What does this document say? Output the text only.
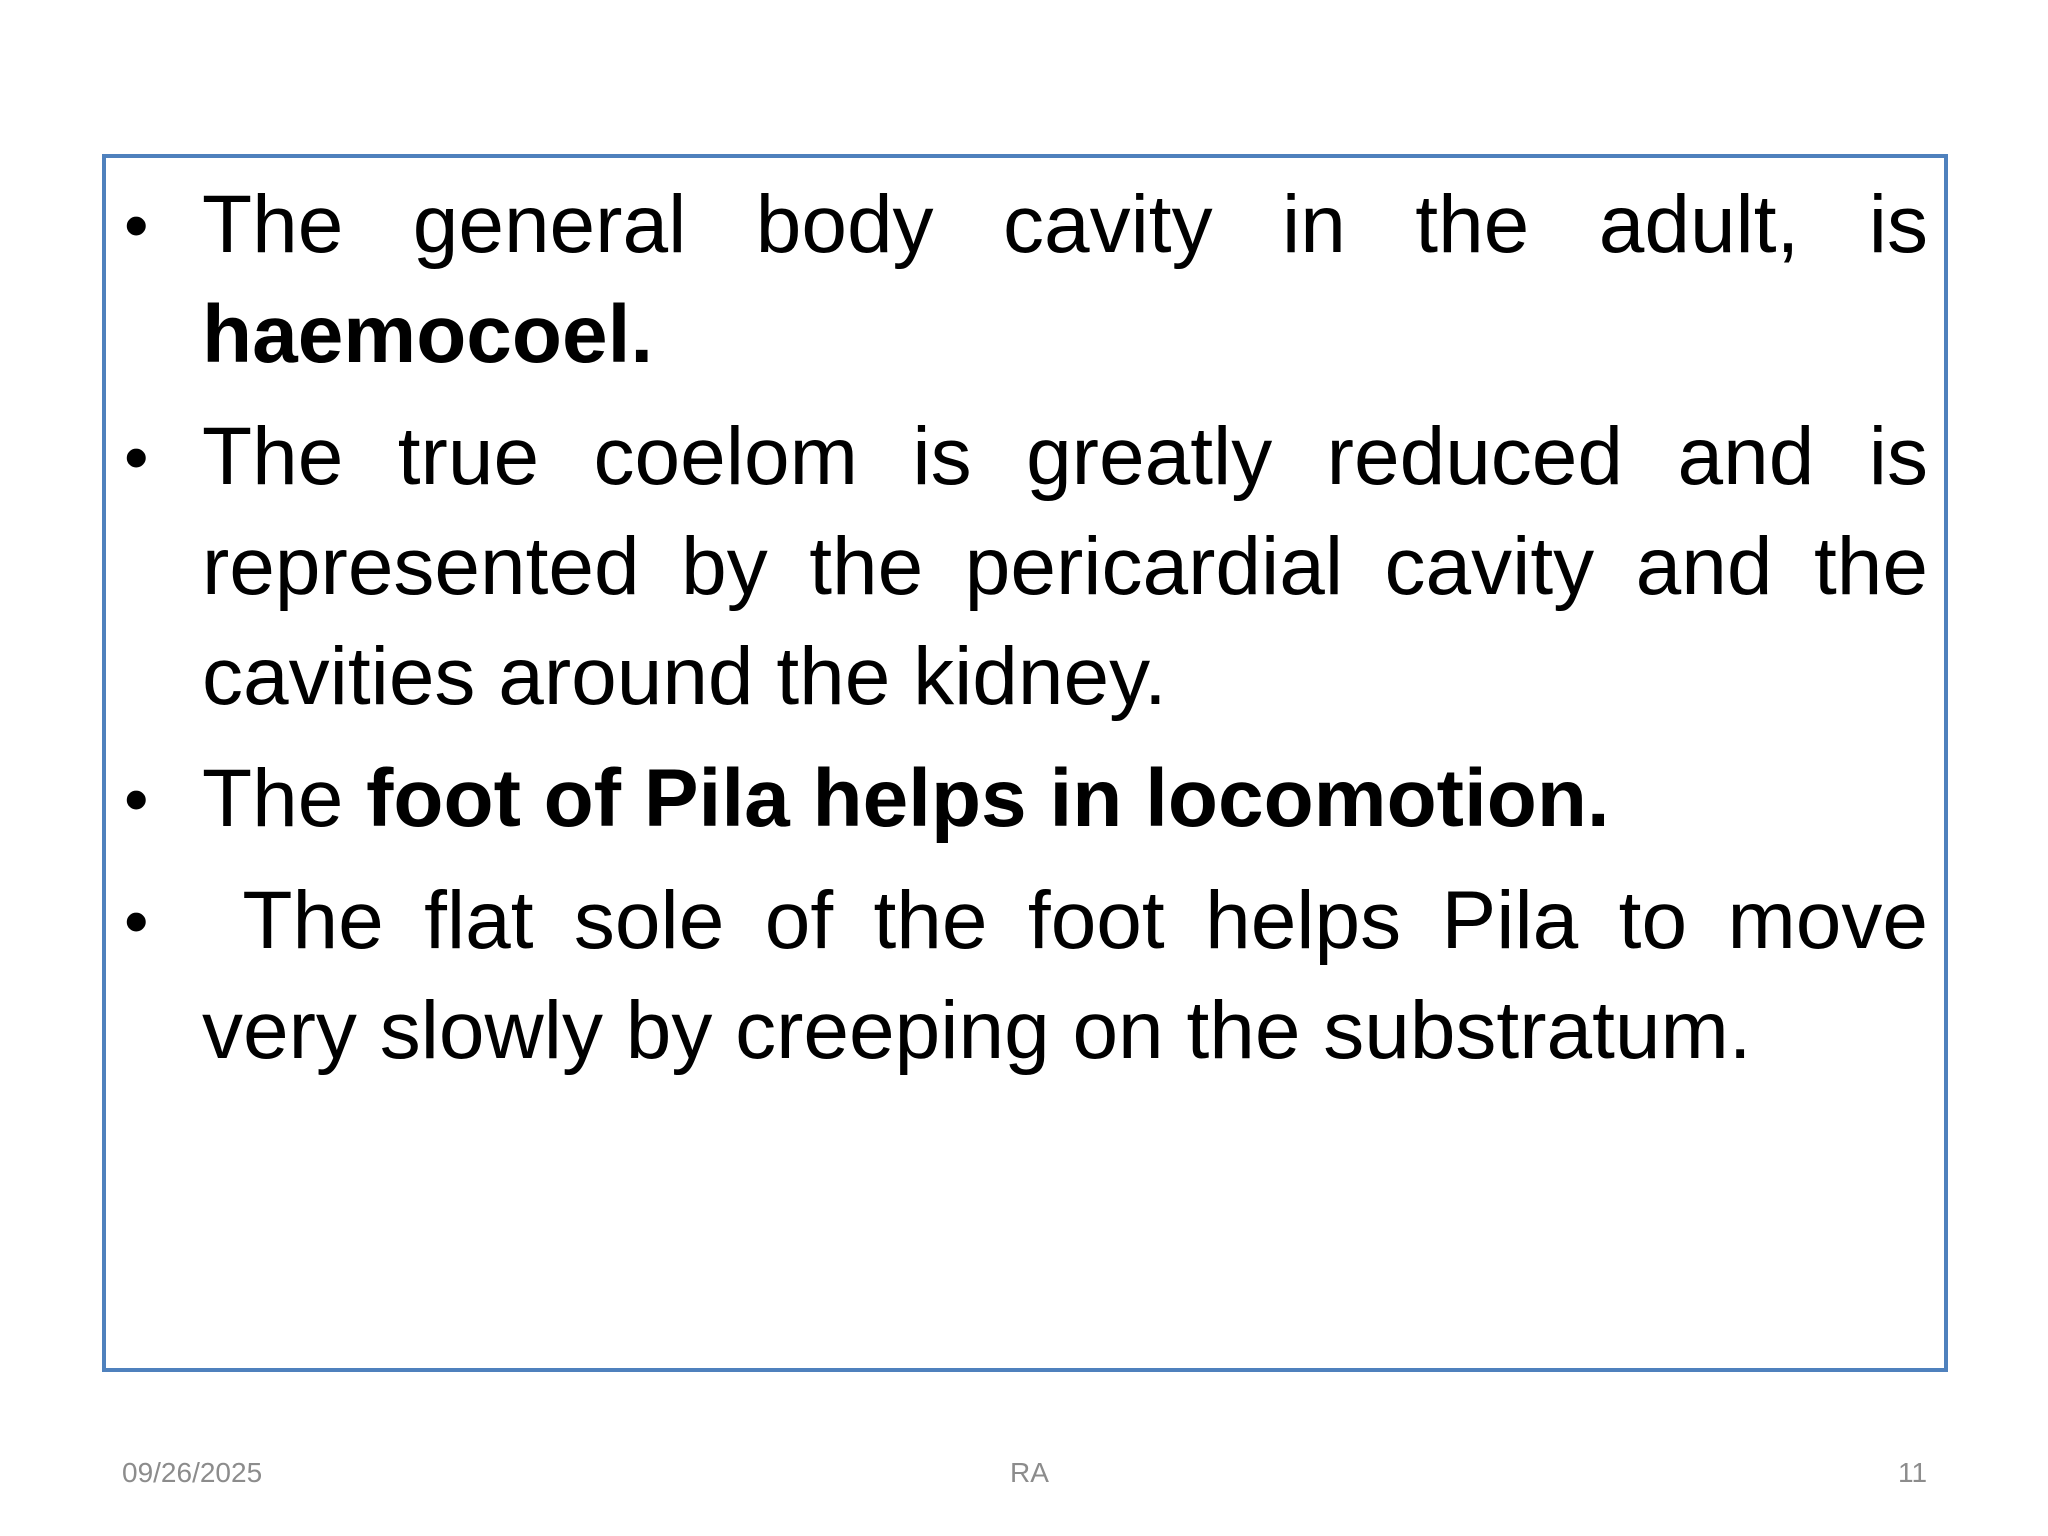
• The general body cavity in the adult, is haemocoel.
• The true coelom is greatly reduced and is represented by the pericardial cavity and the cavities around the kidney.
• The foot of Pila helps in locomotion.
• The flat sole of the foot helps Pila to move very slowly by creeping on the substratum.
09/26/2025	RA	11
